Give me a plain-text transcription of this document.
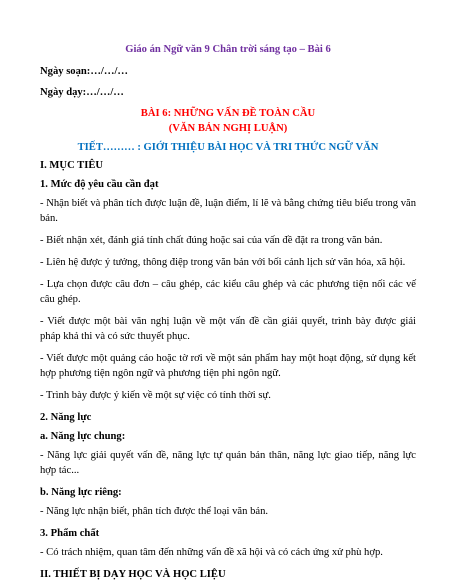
Giáo án Ngữ văn 9 Chân trời sáng tạo – Bài 6

Ngày soạn:…/…/…

Ngày dạy:…/…/…

BÀI 6: NHỮNG VẤN ĐỀ TOÀN CẦU

(VĂN BẢN NGHỊ LUẬN)

TIẾT……… : GIỚI THIỆU BÀI HỌC VÀ TRI THỨC NGỮ VĂN

I. MỤC TIÊU

1. Mức độ yêu cầu cần đạt

- Nhận biết và phân tích được luận đề, luận điểm, lí lẽ và bằng chứng tiêu biểu trong văn bản.

- Biết nhận xét, đánh giá tính chất đúng hoặc sai của vấn đề đặt ra trong văn bản.

- Liên hệ được ý tưởng, thông điệp trong văn bản với bối cảnh lịch sử văn hóa, xã hội.

- Lựa chọn được câu đơn – câu ghép, các kiểu câu ghép và các phương tiện nối các vế câu ghép.

- Viết được một bài văn nghị luận về một vấn đề cần giải quyết, trình bày được giải pháp khả thi và có sức thuyết phục.

- Viết được một quảng cáo hoặc tờ rơi về một sản phẩm hay một hoạt động, sử dụng kết hợp phương tiện ngôn ngữ và phương tiện phi ngôn ngữ.

- Trình bày được ý kiến về một sự việc có tính thời sự.

2. Năng lực

a. Năng lực chung:

- Năng lực giải quyết vấn đề, năng lực tự quản bản thân, năng lực giao tiếp, năng lực hợp tác...

b. Năng lực riêng:

- Năng lực nhận biết, phân tích được thể loại văn bản.

3. Phẩm chất

- Có trách nhiệm, quan tâm đến những vấn đề xã hội và có cách ứng xử phù hợp.

II. THIẾT BỊ DẠY HỌC VÀ HỌC LIỆU
